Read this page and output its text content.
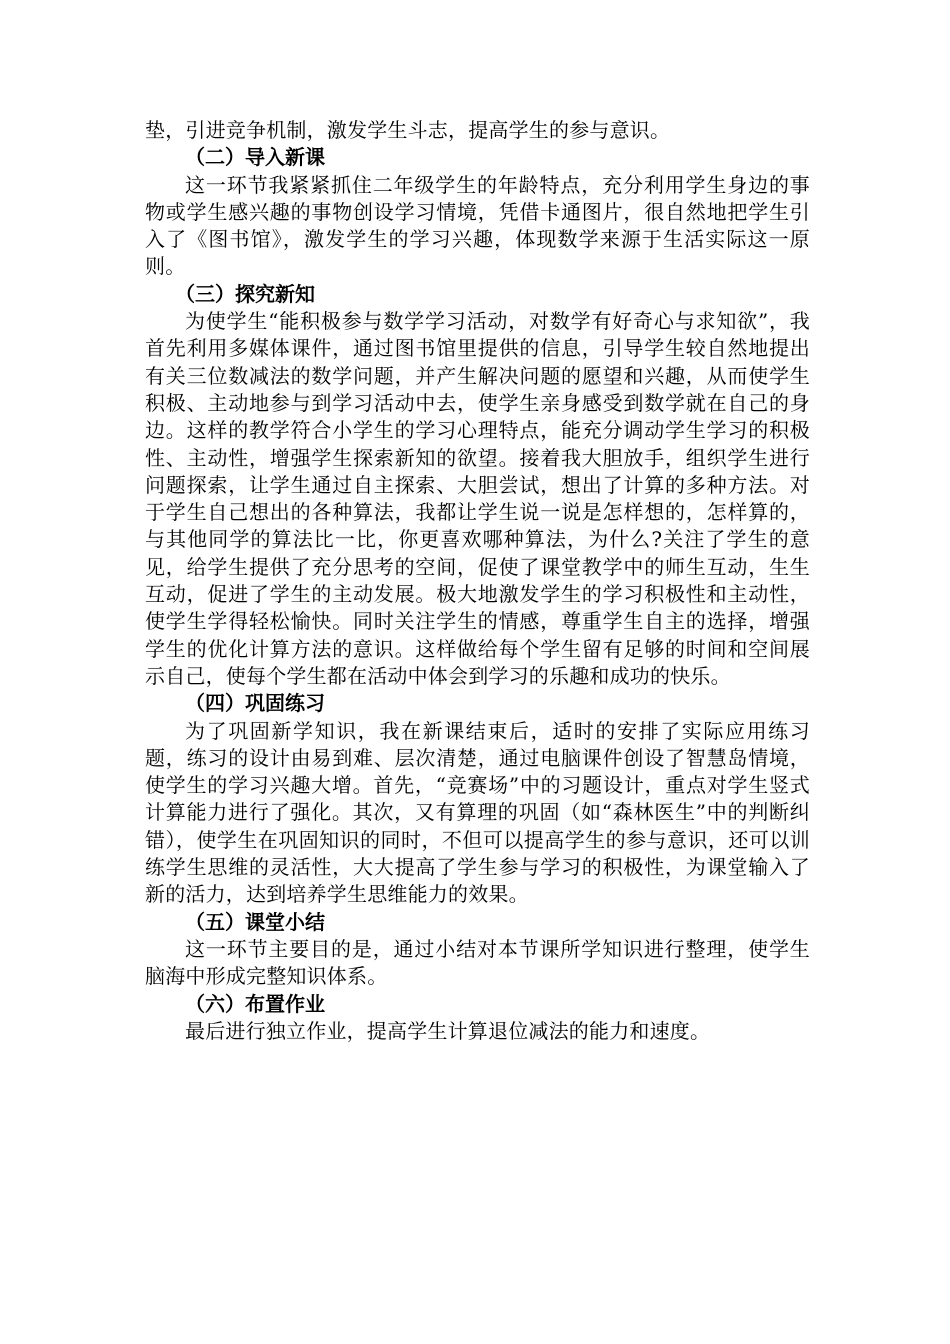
垫，引进竞争机制，激发学生斗志，提高学生的参与意识。

（二）导入新课

这一环节我紧紧抓住二年级学生的年龄特点，充分利用学生身边的事物或学生感兴趣的事物创设学习情境，凭借卡通图片，很自然地把学生引入了《图书馆》，激发学生的学习兴趣，体现数学来源于生活实际这一原则。

（三）探究新知

为使学生“能积极参与数学学习活动，对数学有好奇心与求知欲”，我首先利用多媒体课件，通过图书馆里提供的信息，引导学生较自然地提出有关三位数减法的数学问题，并产生解决问题的愿望和兴趣，从而使学生积极、主动地参与到学习活动中去，使学生亲身感受到数学就在自己的身边。这样的教学符合小学生的学习心理特点，能充分调动学生学习的积极性、主动性，增强学生探索新知的欲望。接着我大胆放手，组织学生进行问题探索，让学生通过自主探索、大胆尝试，想出了计算的多种方法。对于学生自己想出的各种算法，我都让学生说一说是怎样想的，怎样算的，与其他同学的算法比一比，你更喜欢哪种算法，为什么?关注了学生的意见，给学生提供了充分思考的空间，促使了课堂教学中的师生互动，生生互动，促进了学生的主动发展。极大地激发学生的学习积极性和主动性，使学生学得轻松愉快。同时关注学生的情感，尊重学生自主的选择，增强学生的优化计算方法的意识。这样做给每个学生留有足够的时间和空间展示自己，使每个学生都在活动中体会到学习的乐趣和成功的快乐。

（四）巩固练习

为了巩固新学知识，我在新课结束后，适时的安排了实际应用练习题，练习的设计由易到难、层次清楚，通过电脑课件创设了智慧岛情境，使学生的学习兴趣大增。首先，“竞赛场”中的习题设计，重点对学生竖式计算能力进行了强化。其次，又有算理的巩固（如“森林医生”中的判断纠错），使学生在巩固知识的同时，不但可以提高学生的参与意识，还可以训练学生思维的灵活性，大大提高了学生参与学习的积极性，为课堂输入了新的活力，达到培养学生思维能力的效果。

（五）课堂小结

这一环节主要目的是，通过小结对本节课所学知识进行整理，使学生脑海中形成完整知识体系。

（六）布置作业

最后进行独立作业，提高学生计算退位减法的能力和速度。
